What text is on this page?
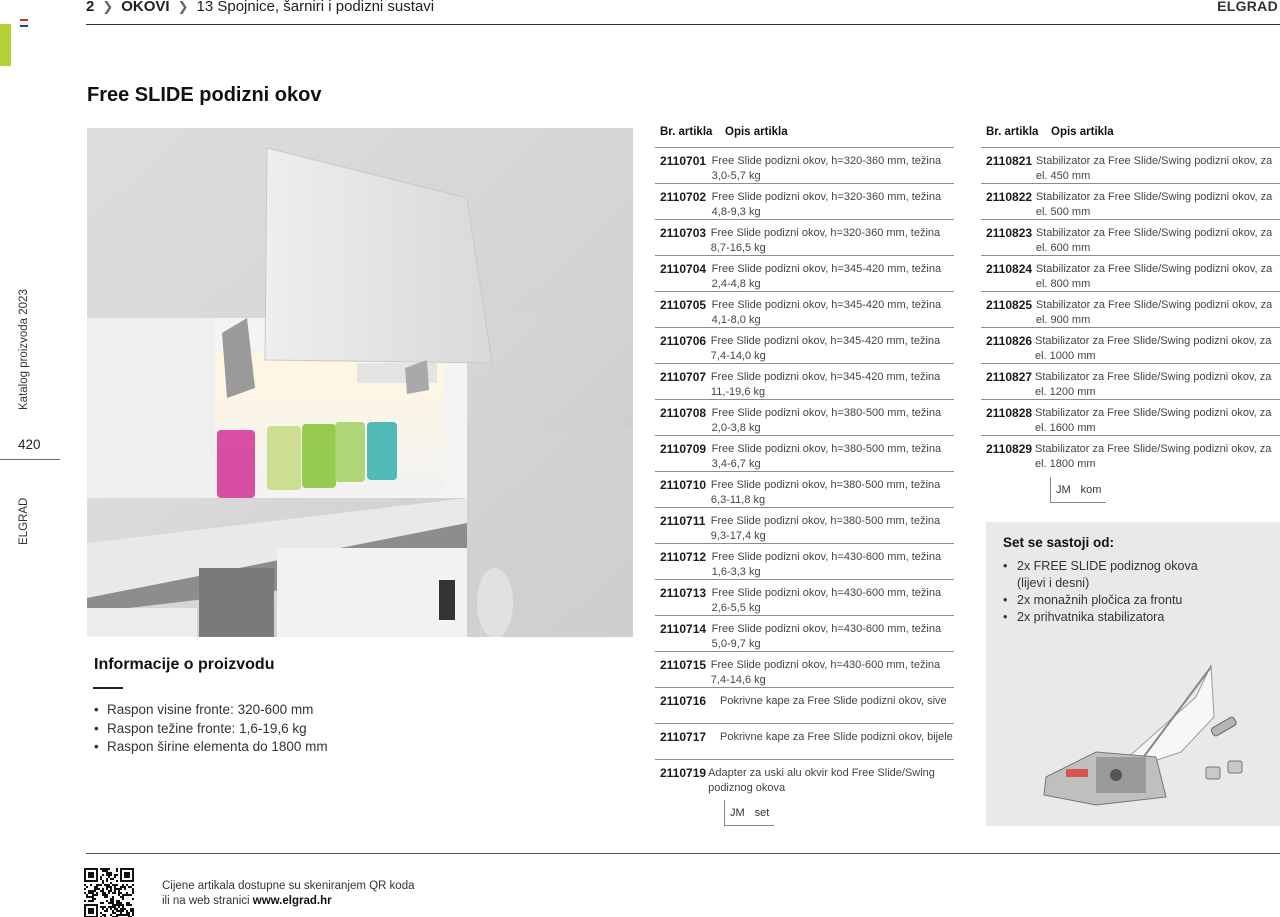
Katalog proizvoda 2023
420
ELGRAD
2 ❯ OKOVI ❯ 13 Spojnice, šarniri i podizni sustavi	ELGRAD
Free SLIDE podizni okov
Informacije o proizvodu
• Raspon visine fronte: 320-600 mm
• Raspon težine fronte: 1,6-19,6 kg
• Raspon širine elementa do 1800 mm
Br. artikla	Opis artikla
2110701 Free Slide podizni okov, h=320-360 mm, težina 3,0-5,7 kg
2110702 Free Slide podizni okov, h=320-360 mm, težina 4,8-9,3 kg
2110703 Free Slide podizni okov, h=320-360 mm, težina 8,7-16,5 kg
2110704 Free Slide podizni okov, h=345-420 mm, težina 2,4-4,8 kg
2110705 Free Slide podizni okov, h=345-420 mm, težina 4,1-8,0 kg
2110706 Free Slide podizni okov, h=345-420 mm, težina 7,4-14,0 kg
2110707 Free Slide podizni okov, h=345-420 mm, težina 11,-19,6 kg
2110708 Free Slide podizni okov, h=380-500 mm, težina 2,0-3,8 kg
2110709 Free Slide podizni okov, h=380-500 mm, težina 3,4-6,7 kg
2110710 Free Slide podizni okov, h=380-500 mm, težina 6,3-11,8 kg
2110711 Free Slide podizni okov, h=380-500 mm, težina 9,3-17,4 kg
2110712 Free Slide podizni okov, h=430-600 mm, težina 1,6-3,3 kg
2110713 Free Slide podizni okov, h=430-600 mm, težina 2,6-5,5 kg
2110714 Free Slide podizni okov, h=430-600 mm, težina 5,0-9,7 kg
2110715 Free Slide podizni okov, h=430-600 mm, težina 7,4-14,6 kg
2110716	Pokrivne kape za Free Slide podizni okov, sive
2110717	Pokrivne kape za Free Slide podizni okov, bijele
2110719 Adapter za uski alu okvir kod Free Slide/Swing podiznog okova
JM set
Br. artikla	Opis artikla
2110821 Stabilizator za Free Slide/Swing podizni okov, za el. 450 mm
2110822 Stabilizator za Free Slide/Swing podizni okov, za el. 500 mm
2110823 Stabilizator za Free Slide/Swing podizni okov, za el. 600 mm
2110824 Stabilizator za Free Slide/Swing podizni okov, za el. 800 mm
2110825 Stabilizator za Free Slide/Swing podizni okov, za el. 900 mm
2110826 Stabilizator za Free Slide/Swing podizni okov, za el. 1000 mm
2110827 Stabilizator za Free Slide/Swing podizni okov, za el. 1200 mm
2110828 Stabilizator za Free Slide/Swing podizni okov, za el. 1600 mm
2110829 Stabilizator za Free Slide/Swing podizni okov, za el. 1800 mm
JM kom
Set se sastoji od:
• 2x FREE SLIDE podiznog okova
(lijevi i desni)
• 2x monažnih pločica za frontu
• 2x prihvatnika stabilizatora
Cijene artikala dostupne su skeniranjem QR koda
ili na web stranici www.elgrad.hr
